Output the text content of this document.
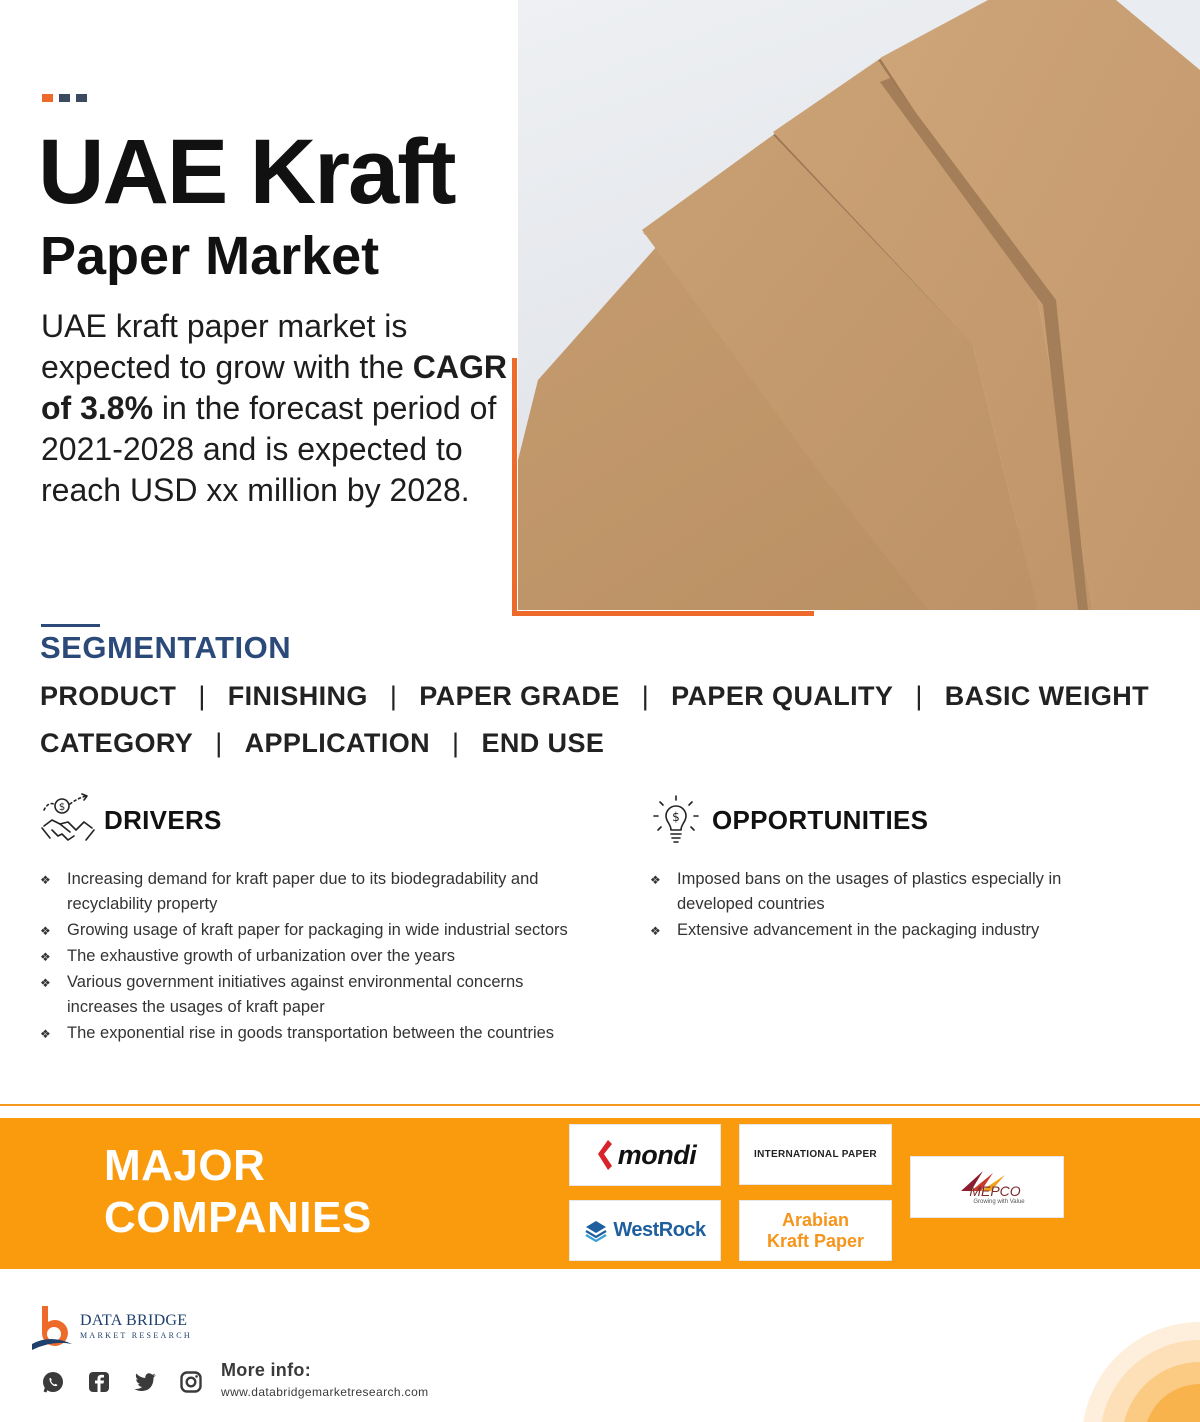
UAE Kraft
Paper Market

UAE kraft paper market is expected to grow with the CAGR of 3.8% in the forecast period of 2021-2028 and is expected to reach USD xx million by 2028.

SEGMENTATION
PRODUCT | FINISHING | PAPER GRADE | PAPER QUALITY | BASIC WEIGHT
CATEGORY | APPLICATION | END USE
$ DRIVERS
❖ Increasing demand for kraft paper due to its biodegradability and recyclability property
❖ Growing usage of kraft paper for packaging in wide industrial sectors
❖ The exhaustive growth of urbanization over the years
❖ Various government initiatives against environmental concerns increases the usages of kraft paper
❖ The exponential rise in goods transportation between the countries
$ OPPORTUNITIES
❖ Imposed bans on the usages of plastics especially in developed countries
❖ Extensive advancement in the packaging industry
MAJOR
COMPANIES
mondi	INTERNATIONAL PAPER
MEPCO
Growing with Value
WestRock	Arabian Kraft Paper
DATA BRIDGE
MARKET RESEARCH
More info:
www.databridgemarketresearch.com
